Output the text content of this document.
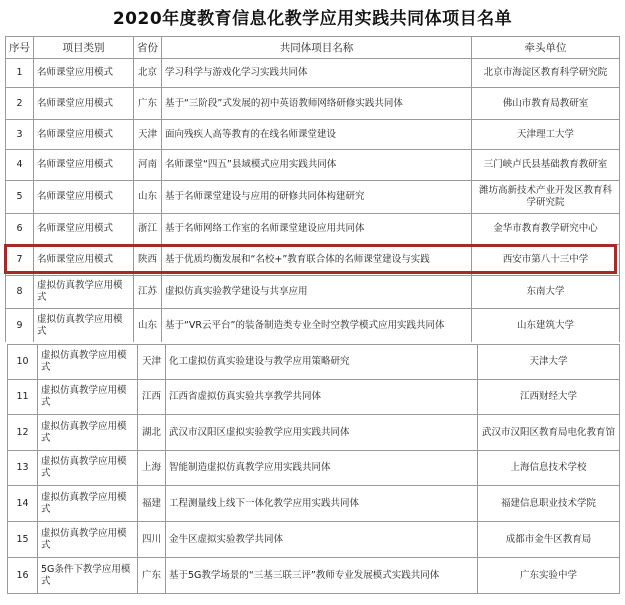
2020年度教育信息化教学应用实践共同体项目名单
序号	项目类别	省份	共同体项目名称	牵头单位
1	名师课堂应用模式	北京	学习科学与游戏化学习实践共同体	北京市海淀区教育科学研究院
2	名师课堂应用模式	广东	基于“三阶段”式发展的初中英语教师网络研修实践共同体	佛山市教育局教研室
3	名师课堂应用模式	天津	面向残疾人高等教育的在线名师课堂建设	天津理工大学
4	名师课堂应用模式	河南	名师课堂“四五”县域模式应用实践共同体	三门峡卢氏县基础教育教研室
5	名师课堂应用模式	山东	基于名师课堂建设与应用的研修共同体构建研究	潍坊高新技术产业开发区教育科学研究院
6	名师课堂应用模式	浙江	基于名师网络工作室的名师课堂建设应用共同体	金华市教育教学研究中心
7	名师课堂应用模式	陕西	基于优质均衡发展和“名校+”教育联合体的名师课堂建设与实践	西安市第八十三中学
8	虚拟仿真教学应用模式	江苏	虚拟仿真实验教学建设与共享应用	东南大学
9	虚拟仿真教学应用模式	山东	基于“VR云平台”的装备制造类专业全时空教学模式应用实践共同体	山东建筑大学
10	虚拟仿真教学应用模式	天津	化工虚拟仿真实验建设与教学应用策略研究	天津大学
11	虚拟仿真教学应用模式	江西	江西省虚拟仿真实验共享教学共同体	江西财经大学
12	虚拟仿真教学应用模式	湖北	武汉市汉阳区虚拟实验教学应用实践共同体	武汉市汉阳区教育局电化教育馆
13	虚拟仿真教学应用模式	上海	智能制造虚拟仿真教学应用实践共同体	上海信息技术学校
14	虚拟仿真教学应用模式	福建	工程测量线上线下一体化教学应用实践共同体	福建信息职业技术学院
15	虚拟仿真教学应用模式	四川	金牛区虚拟实验教学共同体	成都市金牛区教育局
16	5G条件下教学应用模式	广东	基于5G教学场景的“三基三联三评”教师专业发展模式实践共同体	广东实验中学
